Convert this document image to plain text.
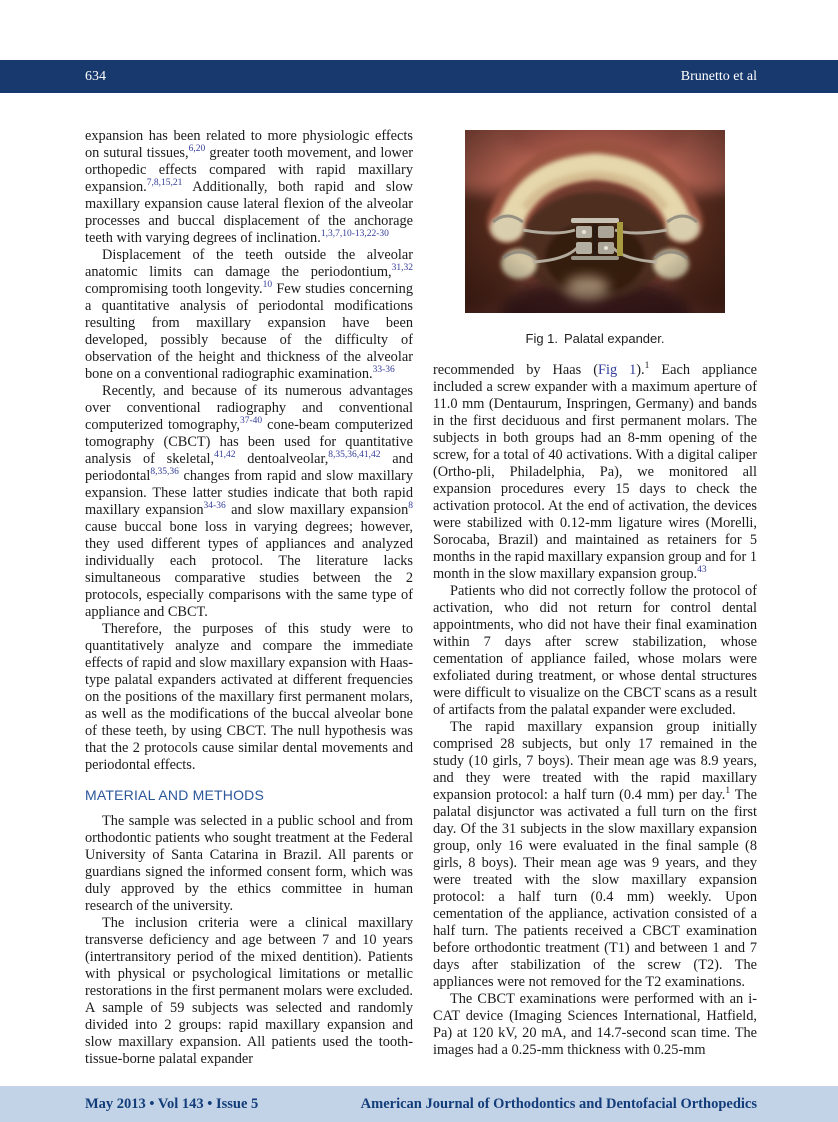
634	Brunetto et al

expansion has been related to more physiologic effects on sutural tissues,$^{6,20}$ greater tooth movement, and lower orthopedic effects compared with rapid maxillary expansion.$^{7,8,15,21}$ Additionally, both rapid and slow maxillary expansion cause lateral flexion of the alveolar processes and buccal displacement of the anchorage teeth with varying degrees of inclination.$^{1,3,7,10-13,22-30}$

Displacement of the teeth outside the alveolar anatomic limits can damage the periodontium,$^{31,32}$ compromising tooth longevity.$^{10}$ Few studies concerning a quantitative analysis of periodontal modifications resulting from maxillary expansion have been developed, possibly because of the difficulty of observation of the height and thickness of the alveolar bone on a conventional radiographic examination.$^{33-36}$

Recently, and because of its numerous advantages over conventional radiography and conventional computerized tomography,$^{37-40}$ cone-beam computerized tomography (CBCT) has been used for quantitative analysis of skeletal,$^{41,42}$ dentoalveolar,$^{8,35,36,41,42}$ and periodontal$^{8,35,36}$ changes from rapid and slow maxillary expansion. These latter studies indicate that both rapid maxillary expansion$^{34-36}$ and slow maxillary expansion$^8$ cause buccal bone loss in varying degrees; however, they used different types of appliances and analyzed individually each protocol. The literature lacks simultaneous comparative studies between the 2 protocols, especially comparisons with the same type of appliance and CBCT.

Therefore, the purposes of this study were to quantitatively analyze and compare the immediate effects of rapid and slow maxillary expansion with Haas-type palatal expanders activated at different frequencies on the positions of the maxillary first permanent molars, as well as the modifications of the buccal alveolar bone of these teeth, by using CBCT. The null hypothesis was that the 2 protocols cause similar dental movements and periodontal effects.

MATERIAL AND METHODS

The sample was selected in a public school and from orthodontic patients who sought treatment at the Federal University of Santa Catarina in Brazil. All parents or guardians signed the informed consent form, which was duly approved by the ethics committee in human research of the university.

The inclusion criteria were a clinical maxillary transverse deficiency and age between 7 and 10 years (intertransitory period of the mixed dentition). Patients with physical or psychological limitations or metallic restorations in the first permanent molars were excluded. A sample of 59 subjects was selected and randomly divided into 2 groups: rapid maxillary expansion and slow maxillary expansion. All patients used the tooth-tissue-borne palatal expander

Fig 1. Palatal expander.

recommended by Haas (Fig 1).$^1$ Each appliance included a screw expander with a maximum aperture of 11.0 mm (Dentaurum, Inspringen, Germany) and bands in the first deciduous and first permanent molars. The subjects in both groups had an 8-mm opening of the screw, for a total of 40 activations. With a digital caliper (Ortho-pli, Philadelphia, Pa), we monitored all expansion procedures every 15 days to check the activation protocol. At the end of activation, the devices were stabilized with 0.12-mm ligature wires (Morelli, Sorocaba, Brazil) and maintained as retainers for 5 months in the rapid maxillary expansion group and for 1 month in the slow maxillary expansion group.$^{43}$

Patients who did not correctly follow the protocol of activation, who did not return for control dental appointments, who did not have their final examination within 7 days after screw stabilization, whose cementation of appliance failed, whose molars were exfoliated during treatment, or whose dental structures were difficult to visualize on the CBCT scans as a result of artifacts from the palatal expander were excluded.

The rapid maxillary expansion group initially comprised 28 subjects, but only 17 remained in the study (10 girls, 7 boys). Their mean age was 8.9 years, and they were treated with the rapid maxillary expansion protocol: a half turn (0.4 mm) per day.$^1$ The palatal disjunctor was activated a full turn on the first day. Of the 31 subjects in the slow maxillary expansion group, only 16 were evaluated in the final sample (8 girls, 8 boys). Their mean age was 9 years, and they were treated with the slow maxillary expansion protocol: a half turn (0.4 mm) weekly. Upon cementation of the appliance, activation consisted of a half turn. The patients received a CBCT examination before orthodontic treatment (T1) and between 1 and 7 days after stabilization of the screw (T2). The appliances were not removed for the T2 examinations.

The CBCT examinations were performed with an i-CAT device (Imaging Sciences International, Hatfield, Pa) at 120 kV, 20 mA, and 14.7-second scan time. The images had a 0.25-mm thickness with 0.25-mm

May 2013 • Vol 143 • Issue 5	American Journal of Orthodontics and Dentofacial Orthopedics
